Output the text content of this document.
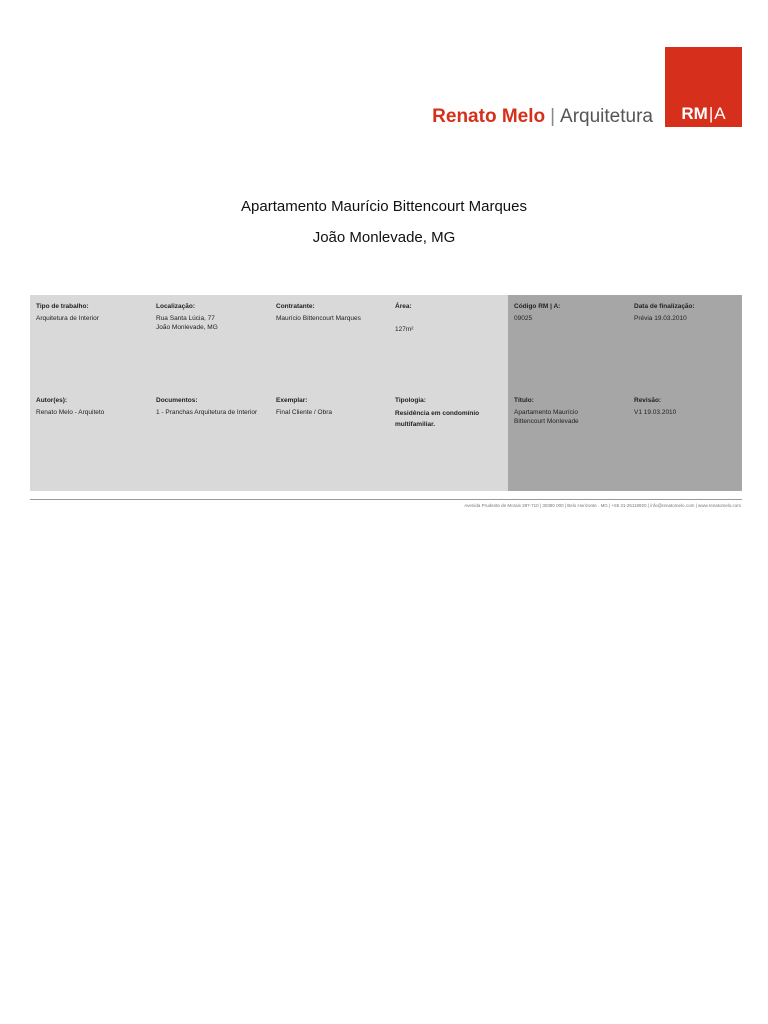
RM|A
Renato Melo | Arquitetura
Apartamento Maurício Bittencourt Marques
João Monlevade, MG
Tipo de trabalho:
Arquitetura de Interior
Localização:
Rua Santa Lúcia, 77
João Monlevade, MG
Contratante:
Maurício Bittencourt Marques
Área:
127m²
Código RM | A:
09025
Data de finalização:
Prévia 19.03.2010
Autor(es):
Renato Melo - Arquiteto
Documentos:
1 - Pranchas Arquitetura de Interior
Exemplar:
Final Cliente / Obra
Tipologia:
Residência em condomínio multifamiliar.
Título:
Apartamento Maurício Bittencourt Monlevade
Revisão:
V1 19.03.2010
Avenida Prudente de Morais 287-710 | 30380 000 | Belo Horizonte . MG | +55 31-25118920 | info@renatomelo.com | www.renatomelo.com
